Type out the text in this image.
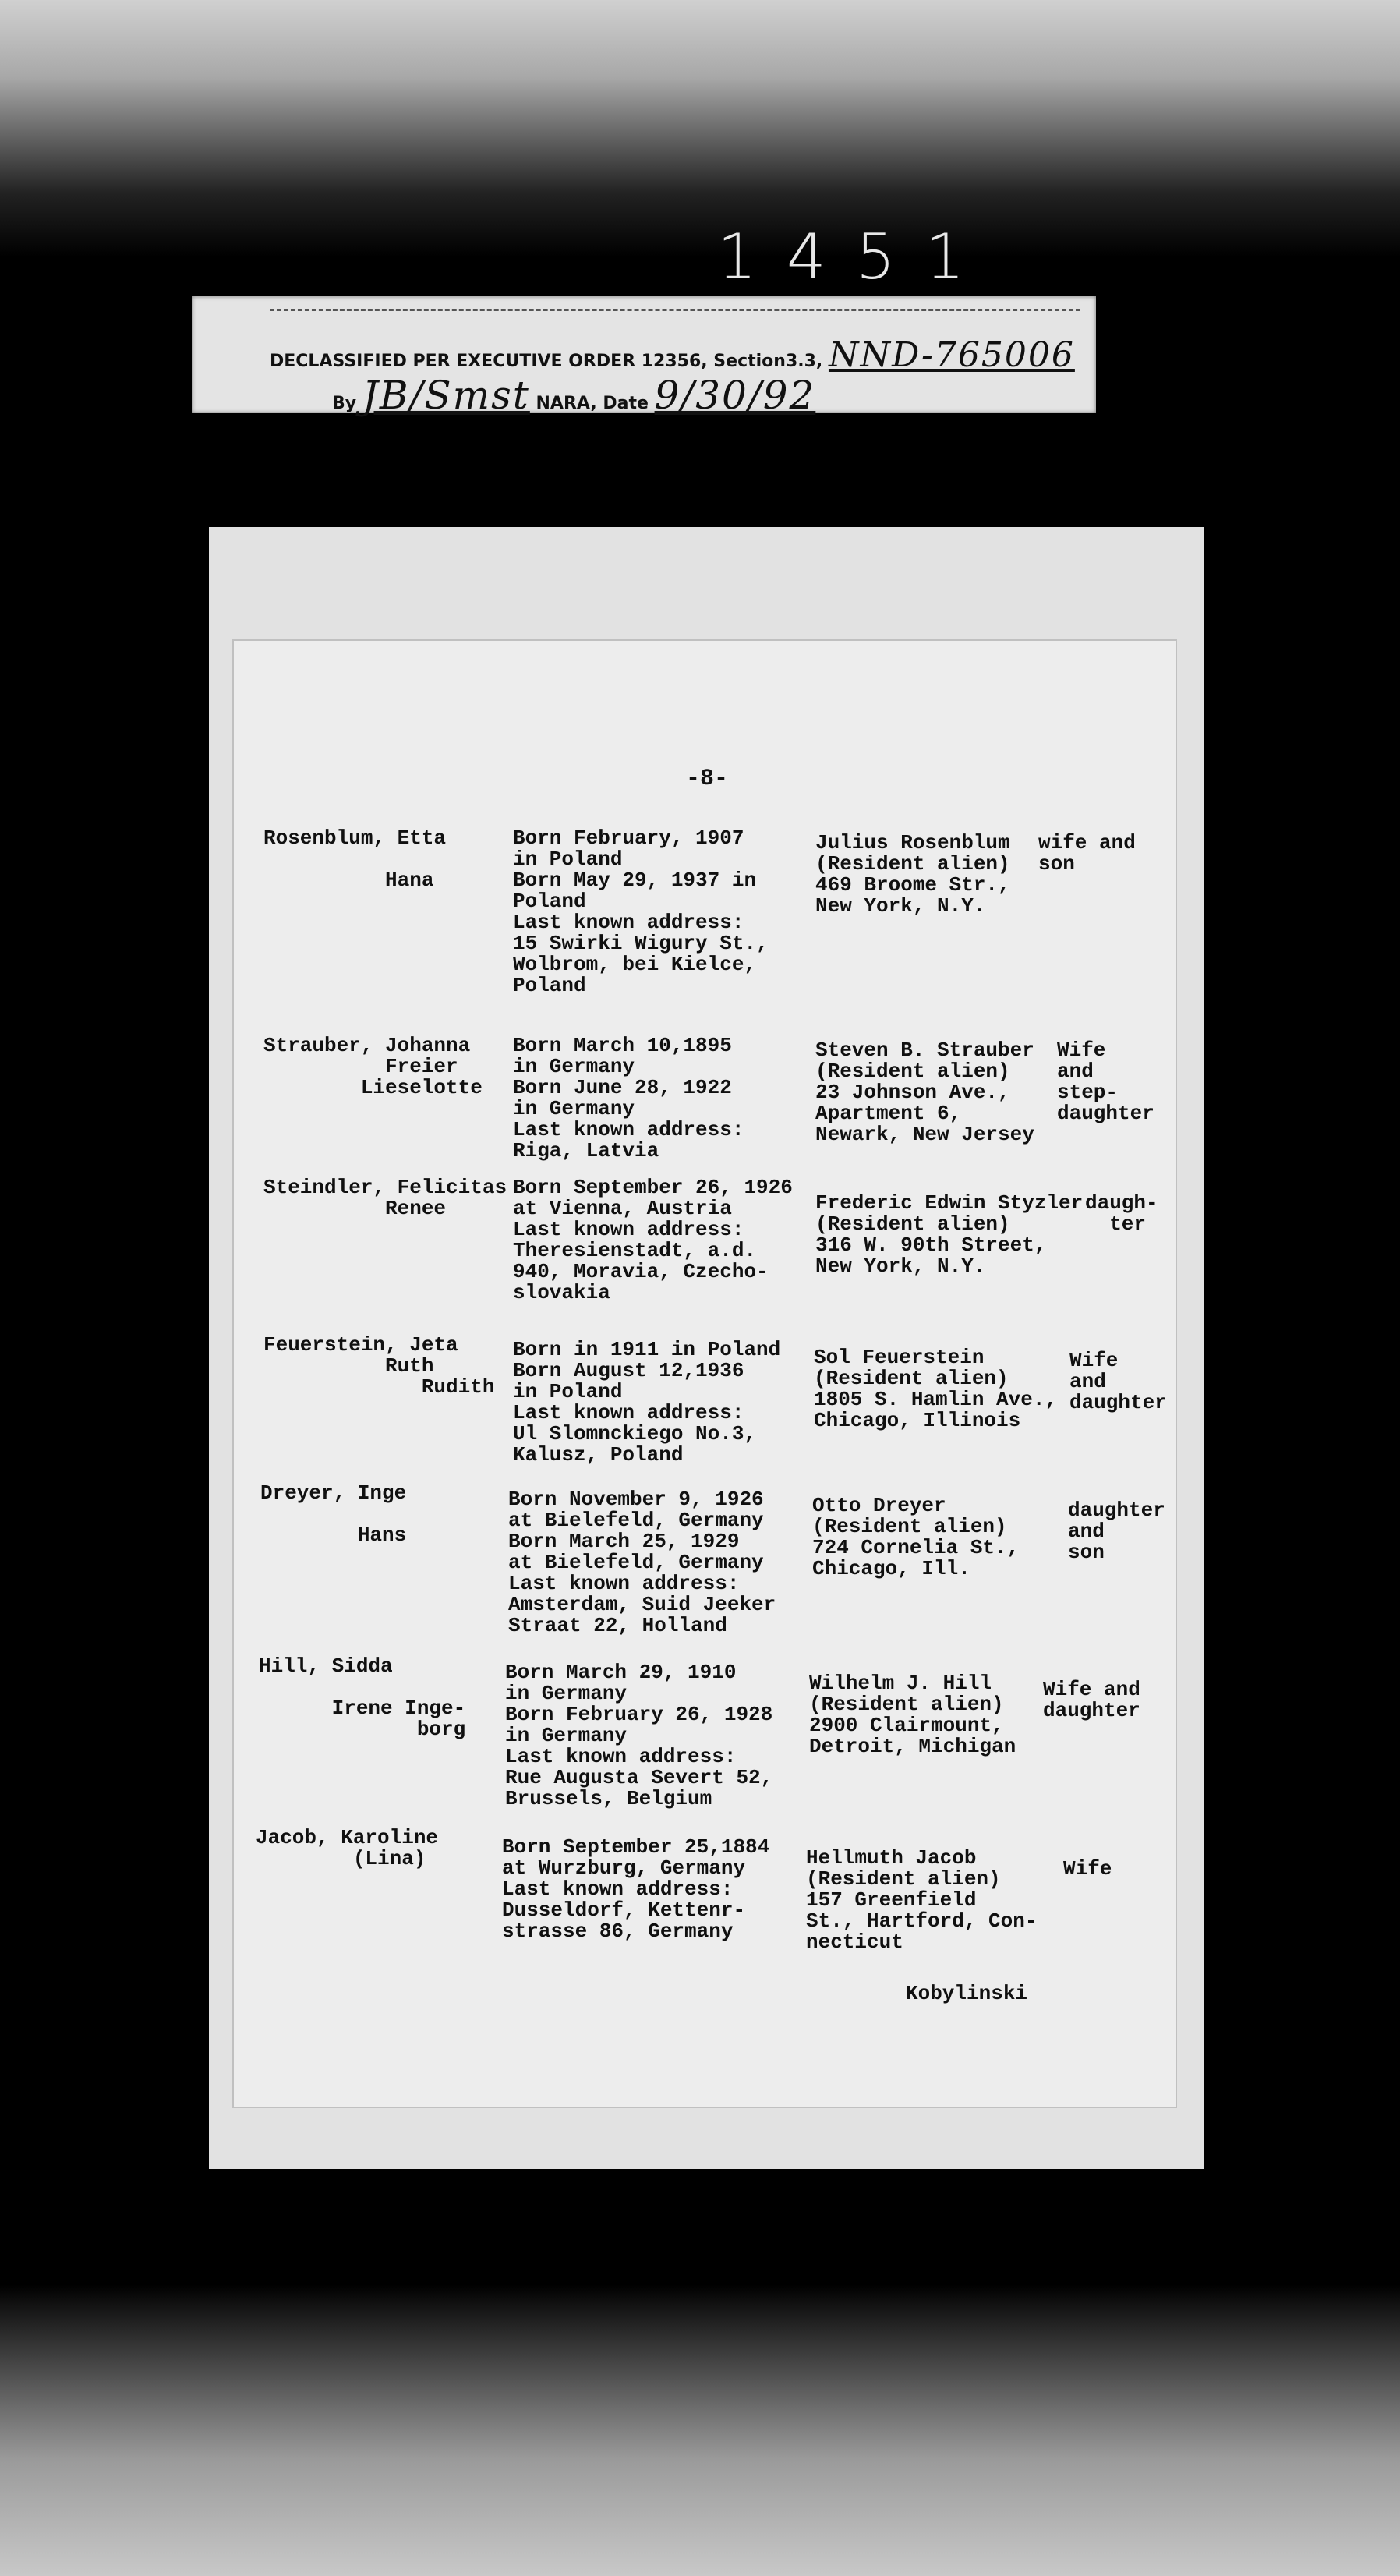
1451
DECLASSIFIED PER EXECUTIVE ORDER 12356, Section3.3, NND-765006
By JB/Smst NARA, Date 9/30/92
-8-
Rosenblum, Etta

Hana
Born February, 1907
in Poland
Born May 29, 1937 in
Poland
Last known address:
15 Swirki Wigury St.,
Wolbrom, bei Kielce,
Poland
Julius Rosenblum
(Resident alien)
469 Broome Str.,
New York, N.Y.
wife and
son
Strauber, Johanna
Freier
Lieselotte
Born March 10,1895
in Germany
Born June 28, 1922
in Germany
Last known address:
Riga, Latvia
Steven B. Strauber
(Resident alien)
23 Johnson Ave.,
Apartment 6,
Newark, New Jersey
Wife
and
step-
daughter
Steindler, Felicitas
Renee
Born September 26, 1926
at Vienna, Austria
Last known address:
Theresienstadt, a.d.
940, Moravia, Czecho-
slovakia
Frederic Edwin Styzler
(Resident alien)
316 W. 90th Street,
New York, N.Y.
daugh-
ter
Feuerstein, Jeta
Ruth
Rudith
Born in 1911 in Poland
Born August 12,1936
in Poland
Last known address:
Ul Slomnckiego No.3,
Kalusz, Poland
Sol Feuerstein
(Resident alien)
1805 S. Hamlin Ave.,
Chicago, Illinois
Wife
and
daughter
Dreyer, Inge

Hans
Born November 9, 1926
at Bielefeld, Germany
Born March 25, 1929
at Bielefeld, Germany
Last known address:
Amsterdam, Suid Jeeker
Straat 22, Holland
Otto Dreyer
(Resident alien)
724 Cornelia St.,
Chicago, Ill.
daughter
and
son
Hill, Sidda

Irene Inge-
borg
Born March 29, 1910
in Germany
Born February 26, 1928
in Germany
Last known address:
Rue Augusta Severt 52,
Brussels, Belgium
Wilhelm J. Hill
(Resident alien)
2900 Clairmount,
Detroit, Michigan
Wife and
daughter
Jacob, Karoline
(Lina)	Born September 25,1884
at Wurzburg, Germany
Last known address:
Dusseldorf, Kettenr-
strasse 86, Germany
Hellmuth Jacob
(Resident alien)
157 Greenfield
St., Hartford, Con-
necticut
Wife
Kobylinski
